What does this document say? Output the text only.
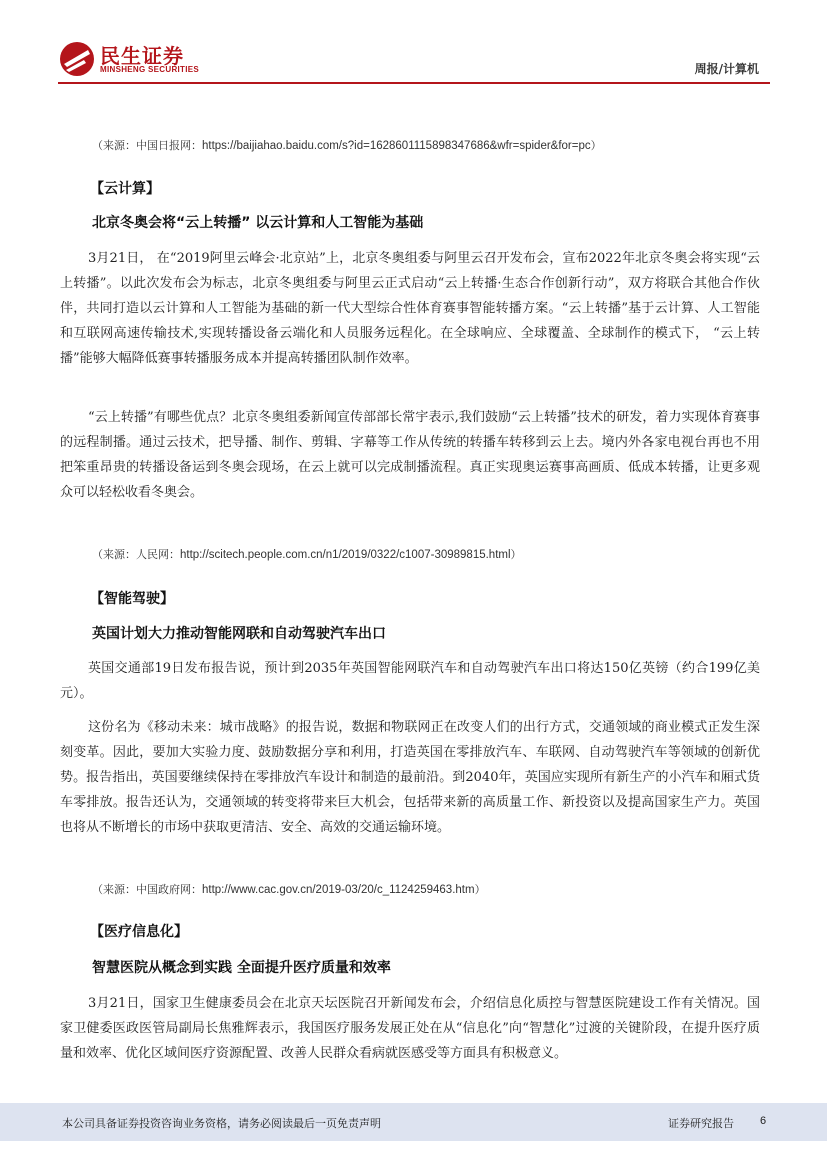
民生证券
MINSHENG SECURITIES	周报/计算机
（来源：中国日报网：https://baijiahao.baidu.com/s?id=1628601115898347686&wfr=spider&for=pc）
【云计算】
北京冬奥会将“云上转播” 以云计算和人工智能为基础
3月21日， 在“2019阿里云峰会·北京站”上，北京冬奥组委与阿里云召开发布会，宣布2022年北京冬奥会将实现“云上转播”。以此次发布会为标志，北京冬奥组委与阿里云正式启动“云上转播·生态合作创新行动”，双方将联合其他合作伙伴，共同打造以云计算和人工智能为基础的新一代大型综合性体育赛事智能转播方案。“云上转播”基于云计算、人工智能和互联网高速传输技术,实现转播设备云端化和人员服务远程化。在全球响应、全球覆盖、全球制作的模式下， “云上转播”能够大幅降低赛事转播服务成本并提高转播团队制作效率。
“云上转播”有哪些优点？北京冬奥组委新闻宣传部部长常宇表示,我们鼓励“云上转播”技术的研发，着力实现体育赛事的远程制播。通过云技术，把导播、制作、剪辑、字幕等工作从传统的转播车转移到云上去。境内外各家电视台再也不用把笨重昂贵的转播设备运到冬奥会现场，在云上就可以完成制播流程。真正实现奥运赛事高画质、低成本转播，让更多观众可以轻松收看冬奥会。
（来源：人民网：http://scitech.people.com.cn/n1/2019/0322/c1007-30989815.html）
【智能驾驶】
英国计划大力推动智能网联和自动驾驶汽车出口
英国交通部19日发布报告说，预计到2035年英国智能网联汽车和自动驾驶汽车出口将达150亿英镑（约合199亿美元）。
这份名为《移动未来：城市战略》的报告说，数据和物联网正在改变人们的出行方式，交通领域的商业模式正发生深刻变革。因此，要加大实验力度、鼓励数据分享和利用，打造英国在零排放汽车、车联网、自动驾驶汽车等领域的创新优势。报告指出，英国要继续保持在零排放汽车设计和制造的最前沿。到2040年，英国应实现所有新生产的小汽车和厢式货车零排放。报告还认为，交通领域的转变将带来巨大机会，包括带来新的高质量工作、新投资以及提高国家生产力。英国也将从不断增长的市场中获取更清洁、安全、高效的交通运输环境。
（来源：中国政府网：http://www.cac.gov.cn/2019-03/20/c_1124259463.htm）
【医疗信息化】
智慧医院从概念到实践 全面提升医疗质量和效率
3月21日，国家卫生健康委员会在北京天坛医院召开新闻发布会，介绍信息化质控与智慧医院建设工作有关情况。国家卫健委医政医管局副局长焦雅辉表示，我国医疗服务发展正处在从“信息化”向“智慧化”过渡的关键阶段，在提升医疗质量和效率、优化区域间医疗资源配置、改善人民群众看病就医感受等方面具有积极意义。
本公司具备证券投资咨询业务资格，请务必阅读最后一页免责声明	证券研究报告 6
